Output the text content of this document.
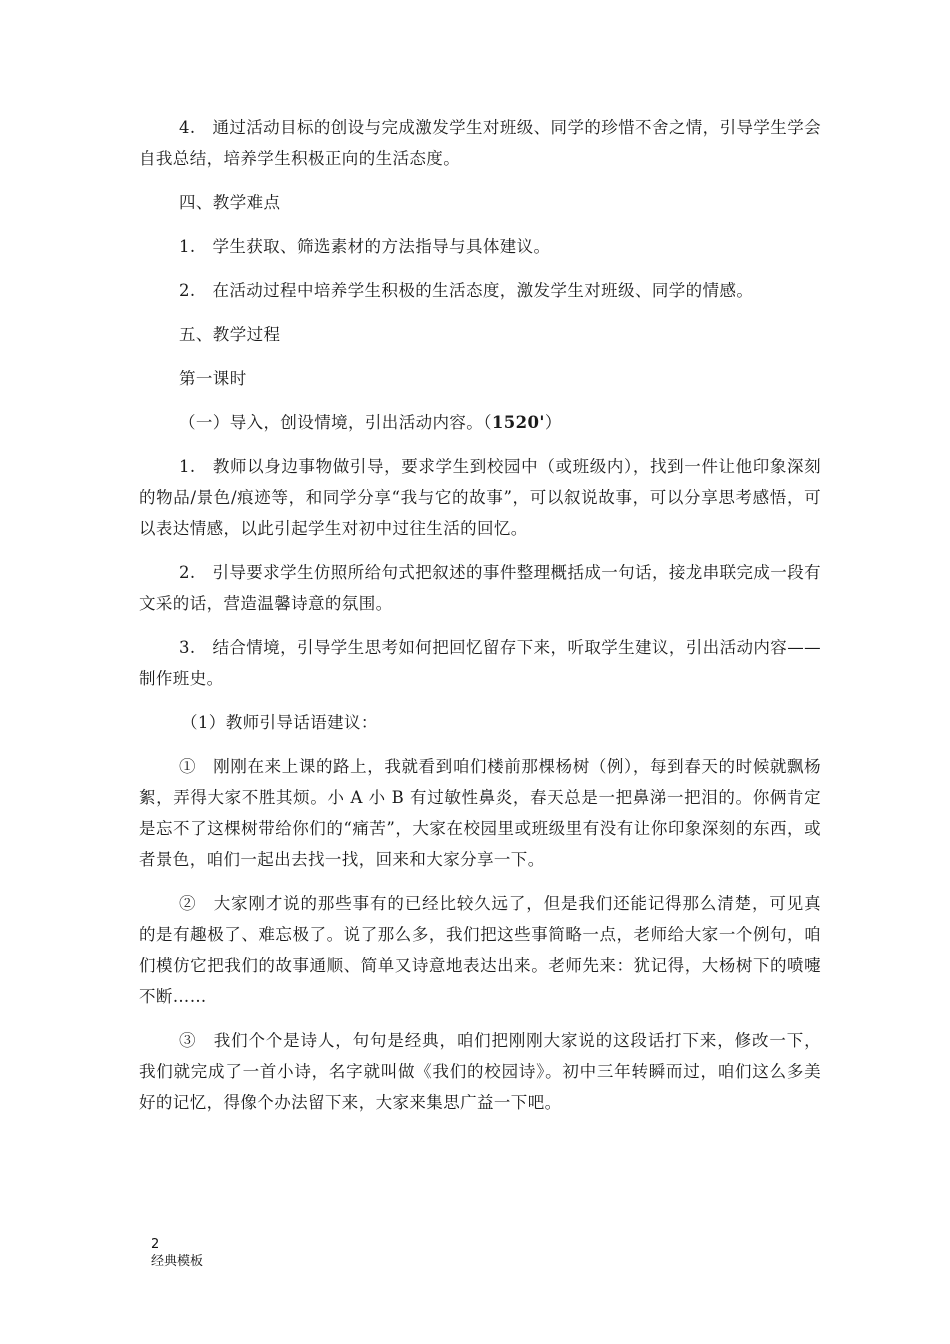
4.　通过活动目标的创设与完成激发学生对班级、同学的珍惜不舍之情，引导学生学会自我总结，培养学生积极正向的生活态度。

四、教学难点

1.　学生获取、筛选素材的方法指导与具体建议。

2.　在活动过程中培养学生积极的生活态度，激发学生对班级、同学的情感。

五、教学过程

第一课时

（一）导入，创设情境，引出活动内容。（1520'）

1.　教师以身边事物做引导，要求学生到校园中（或班级内），找到一件让他印象深刻的物品/景色/痕迹等，和同学分享“我与它的故事”，可以叙说故事，可以分享思考感悟，可以表达情感，以此引起学生对初中过往生活的回忆。

2.　引导要求学生仿照所给句式把叙述的事件整理概括成一句话，接龙串联完成一段有文采的话，营造温馨诗意的氛围。

3.　结合情境，引导学生思考如何把回忆留存下来，听取学生建议，引出活动内容——制作班史。

（1）教师引导话语建议：

①　刚刚在来上课的路上，我就看到咱们楼前那棵杨树（例），每到春天的时候就飘杨絮，弄得大家不胜其烦。小 A 小 B 有过敏性鼻炎，春天总是一把鼻涕一把泪的。你俩肯定是忘不了这棵树带给你们的“痛苦”，大家在校园里或班级里有没有让你印象深刻的东西，或者景色，咱们一起出去找一找，回来和大家分享一下。

②　大家刚才说的那些事有的已经比较久远了，但是我们还能记得那么清楚，可见真的是有趣极了、难忘极了。说了那么多，我们把这些事简略一点，老师给大家一个例句，咱们模仿它把我们的故事通顺、简单又诗意地表达出来。老师先来：犹记得，大杨树下的喷嚏不断……

③　我们个个是诗人，句句是经典，咱们把刚刚大家说的这段话打下来，修改一下，我们就完成了一首小诗，名字就叫做《我们的校园诗》。初中三年转瞬而过，咱们这么多美好的记忆，得像个办法留下来，大家来集思广益一下吧。

2
经典模板
